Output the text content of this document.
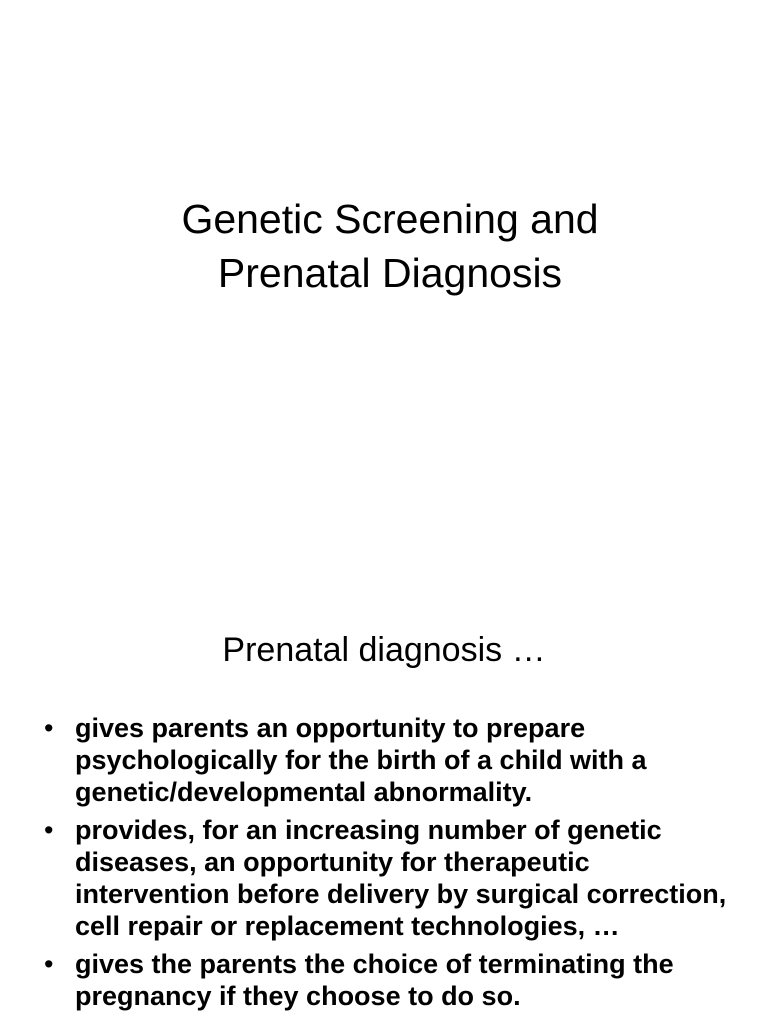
Genetic Screening and
Prenatal Diagnosis
Prenatal diagnosis …
• gives parents an opportunity to prepare psychologically for the birth of a child with a genetic/developmental abnormality.
• provides, for an increasing number of genetic diseases, an opportunity for therapeutic intervention before delivery by surgical correction, cell repair or replacement technologies, …
• gives the parents the choice of terminating the pregnancy if they choose to do so.
